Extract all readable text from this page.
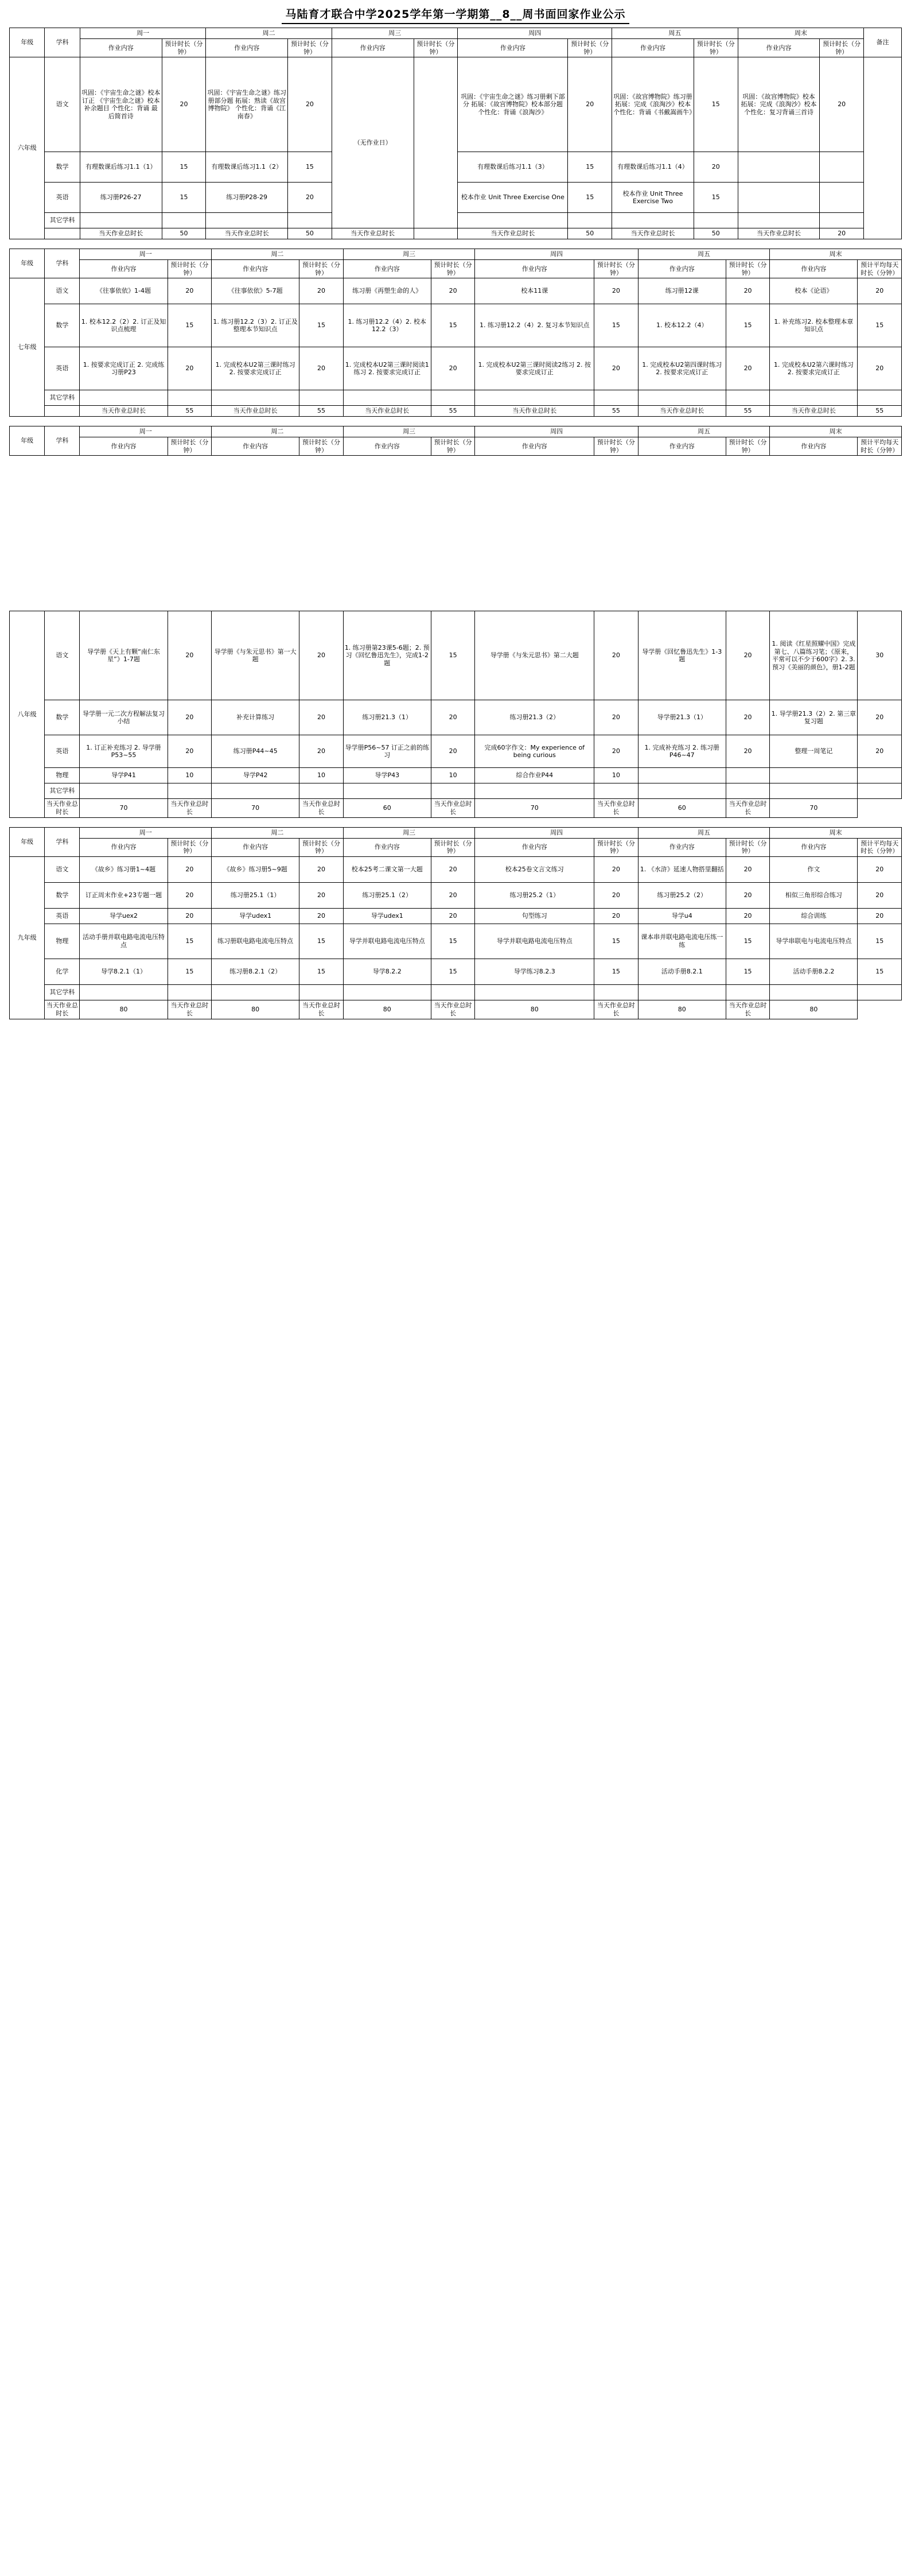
马陆育才联合中学2025学年第一学期第__8__周书面回家作业公示
年级	学科	周一		周二		周三		周四		周五		周末		备注
		作业内容	预计时长（分钟）	作业内容	预计时长（分钟）	作业内容	预计时长（分钟）	作业内容	预计时长（分钟）	作业内容	预计时长（分钟）	作业内容	预计时长（分钟）	
六年级	语文	巩固：《宇宙生命之谜》校本订正 《宇宙生命之谜》校本补余题目 个性化：背诵 最后简首诗	20	巩固：《宇宙生命之谜》练习册部分题 拓展：熟读《故宫博物院》 个性化：背诵《江南春》	20	（无作业日）		巩固：《宇宙生命之谜》练习册剩下部分 拓展：《故宫博物院》校本部分题 个性化：背诵《浪淘沙》	20	巩固：《故宫博物院》练习册 拓展：完成《浪淘沙》校本个性化：背诵《书戴嵩画牛》	15	巩固：《故宫博物院》校本 拓展：完成《浪淘沙》校本 个性化：复习背诵三首诗	20	
	数学	有理数课后练习1.1（1）	15	有理数课后练习1.1（2）	15			有理数课后练习1.1（3）	15	有理数课后练习1.1（4）	20			
	英语	练习册P26-27	15	练习册P28-29	20			校本作业 Unit Three Exercise One	15	校本作业 Unit Three Exercise Two	15			
	其它学科													
		当天作业总时长	50	当天作业总时长	50	当天作业总时长		当天作业总时长	50	当天作业总时长	50	当天作业总时长	20	
年级	学科	周一		周二		周三		周四		周五		周末	
		作业内容	预计时长（分钟）	作业内容	预计时长（分钟）	作业内容	预计时长（分钟）	作业内容	预计时长（分钟）	作业内容	预计时长（分钟）	作业内容	预计平均每天时长（分钟）
七年级	语文	《往事依依》1-4题	20	《往事依依》5-7题	20	练习册《再塑生命的人》	20	校本11课	20	练习册12课	20	校本《论语》	20
	数学	1. 校本12.2（2）2. 订正及知识点梳理	15	1. 练习册12.2（3）2. 订正及整理本节知识点	15	1. 练习册12.2（4）2. 校本12.2（3）	15	1. 练习册12.2（4）2. 复习本节知识点	15	1. 校本12.2（4）	15	1. 补充练习2. 校本整理本章知识点	15
	英语	1. 按要求完成订正 2. 完成练习册P23	20	1. 完成校本U2第三课时练习2. 按要求完成订正	20	1. 完成校本U2第三课时阅读1练习 2. 按要求完成订正	20	1. 完成校本U2第三课时阅读2练习 2. 按要求完成订正	20	1. 完成校本U2第四课时练习2. 按要求完成订正	20	1. 完成校本U2第六课时练习2. 按要求完成订正	20
	其它学科												
		当天作业总时长	55	当天作业总时长	55	当天作业总时长	55	当天作业总时长	55	当天作业总时长	55	当天作业总时长	55
年级	学科	周一		周二		周三		周四		周五		周末	
		作业内容	预计时长（分钟）	作业内容	预计时长（分钟）	作业内容	预计时长（分钟）	作业内容	预计时长（分钟）	作业内容	预计时长（分钟）	作业内容	预计平均每天时长（分钟）
八年级	语文	导学册《天上有颗“南仁东星”》1-7题	20	导学册《与朱元思书》第一大题	20	1. 练习册第23课5-6题；2. 预习《回忆鲁迅先生》，完成1-2题	15	导学册《与朱元思书》第二大题	20	导学册《回忆鲁迅先生》1-3题	20	1. 阅读《红星照耀中国》完成第七、八篇练习笔；《原来，平常可以不少于600字》2. 3. 预习《美丽的颜色》，册1-2题	30
	数学	导学册一元二次方程解法复习小结	20	补充计算练习	20	练习册21.3（1）	20	练习册21.3（2）	20	导学册21.3（1）	20	1. 导学册21.3（2）2. 第三章复习题	20
	英语	1. 订正补充练习 2. 导学册P53~55	20	练习册P44~45	20	导学册P56~57 订正之前的练习	20	完成60字作文：My experience of being curious	20	1. 完成补充练习 2. 练习册P46~47	20	整理一周笔记	20
	物理	导学P41	10	导学P42	10	导学P43	10	综合作业P44	10				
	其它学科												
	当天作业总时长	70	当天作业总时长	70	当天作业总时长	60	当天作业总时长	70	当天作业总时长	60	当天作业总时长	70	
年级	学科	周一		周二		周三		周四		周五		周末	
		作业内容	预计时长（分钟）	作业内容	预计时长（分钟）	作业内容	预计时长（分钟）	作业内容	预计时长（分钟）	作业内容	预计时长（分钟）	作业内容	预计平均每天时长（分钟）
九年级	语文	《故乡》练习册1~4题	20	《故乡》练习册5~9题	20	校本25考二课文第一大题	20	校本25卷文言文练习	20	1. 《水浒》延速人物搭里翻括	20	作文	20
	数学	订正周末作业+23专题一题	20	练习册25.1（1）	20	练习册25.1（2）	20	练习册25.2（1）	20	练习册25.2（2）	20	相似三角形综合练习	20
	英语	导学uex2	20	导学udex1	20	导学udex1	20	句型练习	20	导学u4	20	综合训练	20
	物理	活动手册并联电路电流电压特点	15	练习册联电路电流电压特点	15	导学并联电路电流电压特点	15	导学并联电路电流电压特点	15	课本串并联电路电流电压练一练	15	导学串联电与电流电压特点	15
	化学	导学8.2.1（1）	15	练习册8.2.1（2）	15	导学8.2.2	15	导学练习8.2.3	15	活动手册8.2.1	15	活动手册8.2.2	15
	其它学科												
	当天作业总时长	80	当天作业总时长	80	当天作业总时长	80	当天作业总时长	80	当天作业总时长	80	当天作业总时长	80	
